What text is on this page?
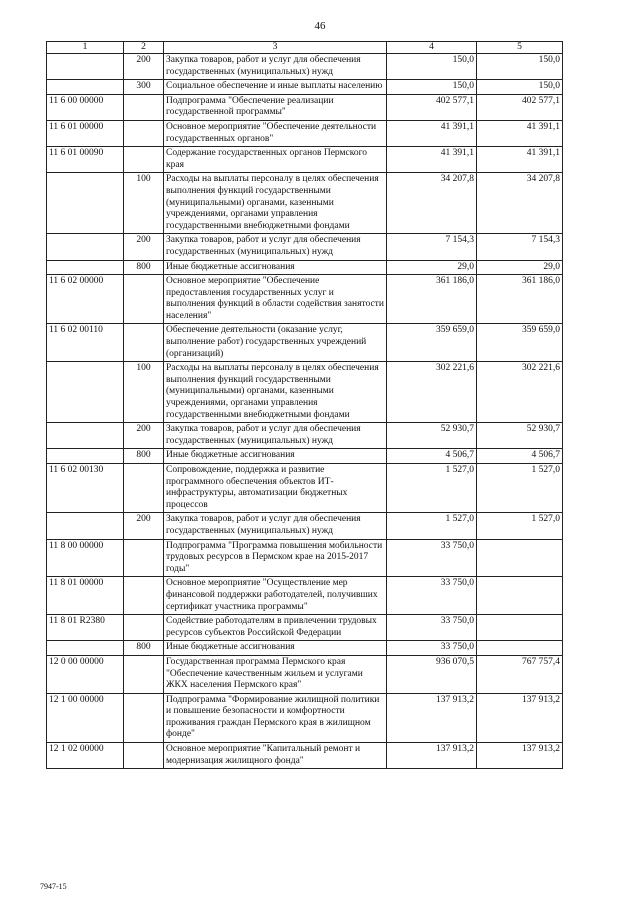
46
1	2	3	4	5
	200	Закупка товаров, работ и услуг для обеспечения государственных (муниципальных) нужд	150,0	150,0
	300	Социальное обеспечение и иные выплаты населению	150,0	150,0
11 6 00 00000		Подпрограмма "Обеспечение реализации государственной программы"	402 577,1	402 577,1
11 6 01 00000		Основное мероприятие "Обеспечение деятельности государственных органов"	41 391,1	41 391,1
11 6 01 00090		Содержание государственных органов Пермского края	41 391,1	41 391,1
	100	Расходы на выплаты персоналу в целях обеспечения выполнения функций государственными (муниципальными) органами, казенными учреждениями, органами управления государственными внебюджетными фондами	34 207,8	34 207,8
	200	Закупка товаров, работ и услуг для обеспечения государственных (муниципальных) нужд	7 154,3	7 154,3
	800	Иные бюджетные ассигнования	29,0	29,0
11 6 02 00000		Основное мероприятие "Обеспечение предоставления государственных услуг и выполнения функций в области содействия занятости населения"	361 186,0	361 186,0
11 6 02 00110		Обеспечение деятельности (оказание услуг, выполнение работ) государственных учреждений (организаций)	359 659,0	359 659,0
	100	Расходы на выплаты персоналу в целях обеспечения выполнения функций государственными (муниципальными) органами, казенными учреждениями, органами управления государственными внебюджетными фондами	302 221,6	302 221,6
	200	Закупка товаров, работ и услуг для обеспечения государственных (муниципальных) нужд	52 930,7	52 930,7
	800	Иные бюджетные ассигнования	4 506,7	4 506,7
11 6 02 00130		Сопровождение, поддержка и развитие программного обеспечения объектов ИТ-инфраструктуры, автоматизации бюджетных процессов	1 527,0	1 527,0
	200	Закупка товаров, работ и услуг для обеспечения государственных (муниципальных) нужд	1 527,0	1 527,0
11 8 00 00000		Подпрограмма "Программа повышения мобильности трудовых ресурсов в Пермском крае на 2015-2017 годы"	33 750,0	
11 8 01 00000		Основное мероприятие "Осуществление мер финансовой поддержки работодателей, получивших сертификат участника программы"	33 750,0	
11 8 01 R2380		Содействие работодателям в привлечении трудовых ресурсов субъектов Российской Федерации	33 750,0	
	800	Иные бюджетные ассигнования	33 750,0	
12 0 00 00000		Государственная программа Пермского края "Обеспечение качественным жильем и услугами ЖКХ населения Пермского края"	936 070,5	767 757,4
12 1 00 00000		Подпрограмма "Формирование жилищной политики и повышение безопасности и комфортности проживания граждан Пермского края в жилищном фонде"	137 913,2	137 913,2
12 1 02 00000		Основное мероприятие "Капитальный ремонт и модернизация жилищного фонда"	137 913,2	137 913,2
7947-15
